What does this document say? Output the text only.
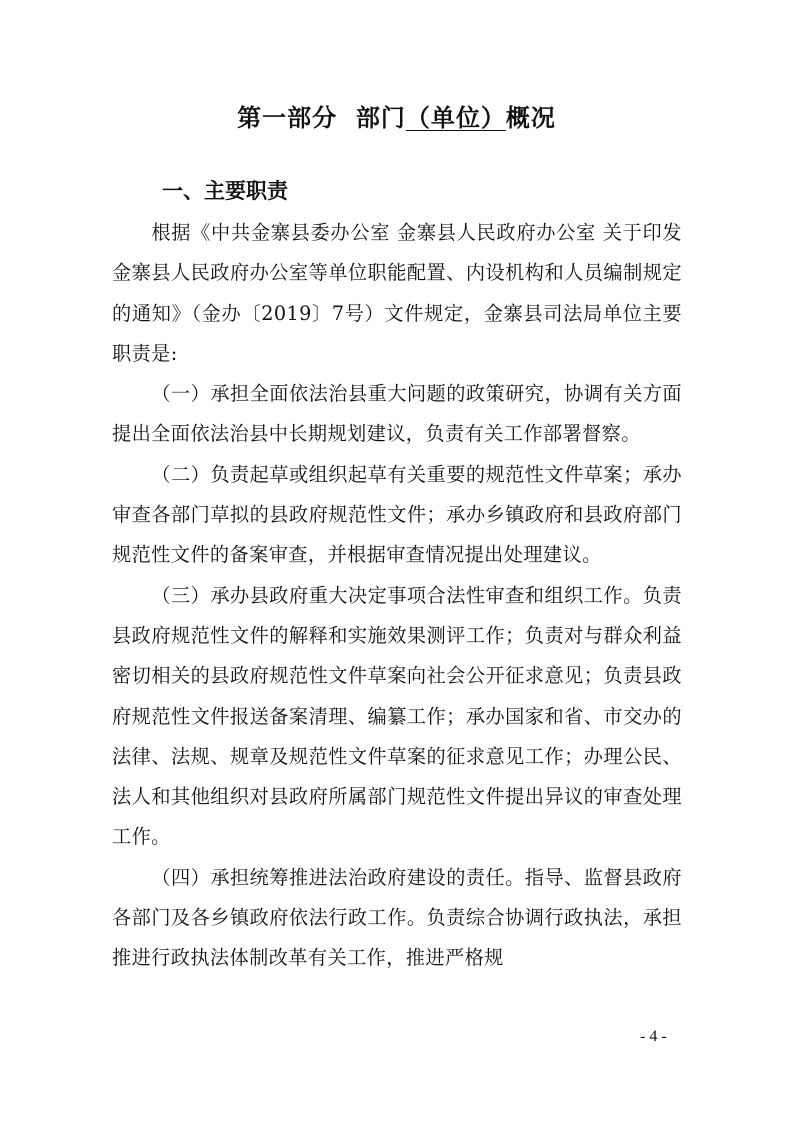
第一部分 部门（单位）概况
一、主要职责

根据《中共金寨县委办公室 金寨县人民政府办公室 关于印发金寨县人民政府办公室等单位职能配置、内设机构和人员编制规定的通知》（金办〔2019〕7号）文件规定，金寨县司法局单位主要职责是:

（一）承担全面依法治县重大问题的政策研究，协调有关方面提出全面依法治县中长期规划建议，负责有关工作部署督察。

（二）负责起草或组织起草有关重要的规范性文件草案；承办审查各部门草拟的县政府规范性文件；承办乡镇政府和县政府部门规范性文件的备案审查，并根据审查情况提出处理建议。

（三）承办县政府重大决定事项合法性审查和组织工作。负责县政府规范性文件的解释和实施效果测评工作；负责对与群众利益密切相关的县政府规范性文件草案向社会公开征求意见；负责县政府规范性文件报送备案清理、编纂工作；承办国家和省、市交办的法律、法规、规章及规范性文件草案的征求意见工作；办理公民、法人和其他组织对县政府所属部门规范性文件提出异议的审查处理工作。

（四）承担统筹推进法治政府建设的责任。指导、监督县政府各部门及各乡镇政府依法行政工作。负责综合协调行政执法，承担推进行政执法体制改革有关工作，推进严格规

- 4 -
